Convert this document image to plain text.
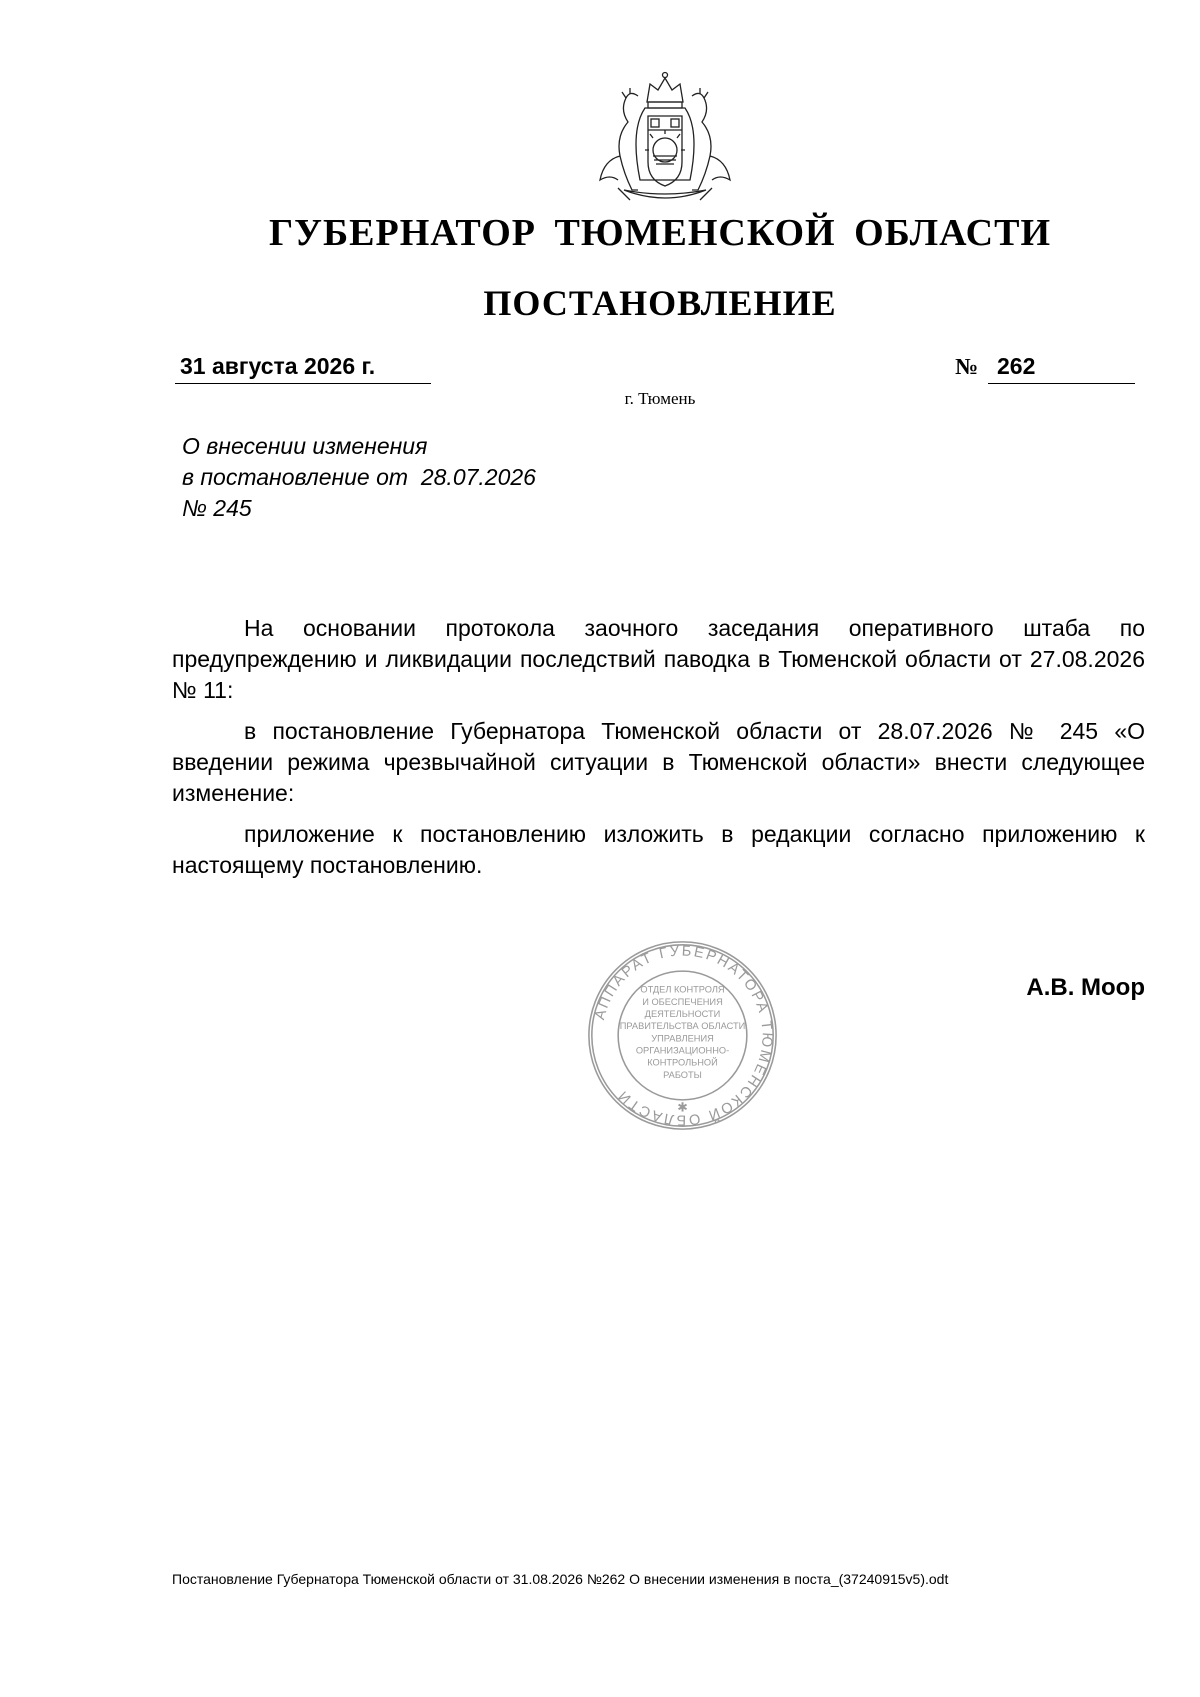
ГУБЕРНАТОР ТЮМЕНСКОЙ ОБЛАСТИ
ПОСТАНОВЛЕНИЕ
31 августа 2026 г.	№ 262
г. Тюмень
О внесении изменения
в постановление от  28.07.2026
№ 245

На основании протокола заочного заседания оперативного штаба по предупреждению и ликвидации последствий паводка в Тюменской области от 27.08.2026 № 11:

в постановление Губернатора Тюменской области от 28.07.2026 № 245 «О введении режима чрезвычайной ситуации в Тюменской области» внести следующее изменение:

приложение к постановлению изложить в редакции согласно приложению к настоящему постановлению.

АППАРАТ ГУБЕРНАТОРА ТЮМЕНСКОЙ ОБЛАСТИ
✱
ОТДЕЛ КОНТРОЛЯ
И ОБЕСПЕЧЕНИЯ
ДЕЯТЕЛЬНОСТИ
ПРАВИТЕЛЬСТВА ОБЛАСТИ
УПРАВЛЕНИЯ
ОРГАНИЗАЦИОННО-
КОНТРОЛЬНОЙ
РАБОТЫ
А.В. Моор
Постановление Губернатора Тюменской области от 31.08.2026 №262 О внесении изменения в поста_(37240915v5).odt
